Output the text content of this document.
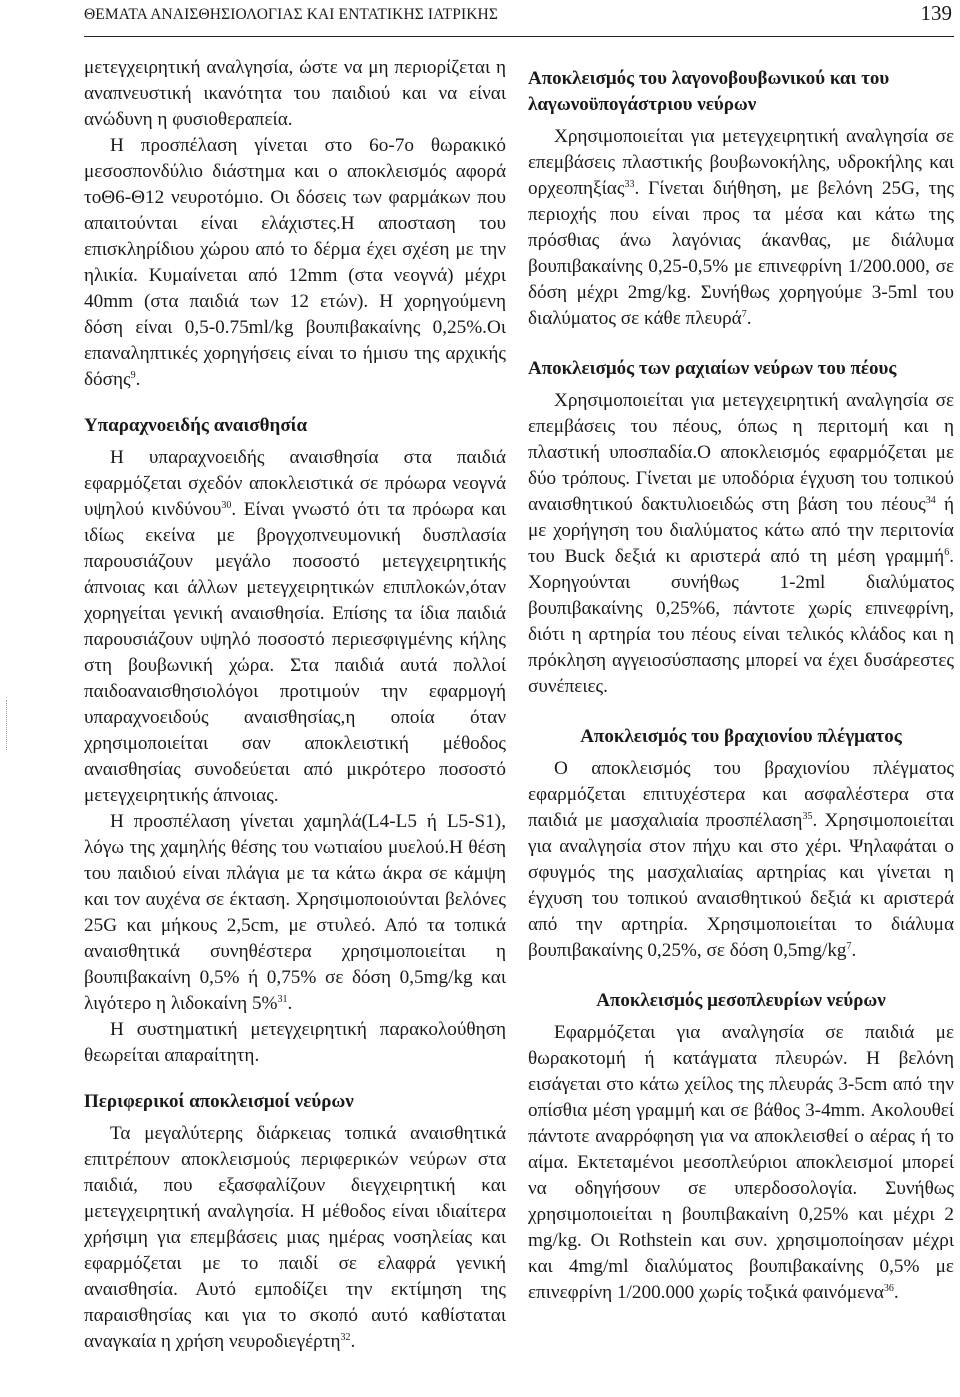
ΘΕΜΑΤΑ ΑΝΑΙΣΘΗΣΙΟΛΟΓΙΑΣ ΚΑΙ ΕΝΤΑΤΙΚΗΣ ΙΑΤΡΙΚΗΣ	139

μετεγχειρητική αναλγησία, ώστε να μη περιορίζεται η αναπνευστική ικανότητα του παιδιού και να είναι ανώδυνη η φυσιοθεραπεία.

Η προσπέλαση γίνεται στο 6ο-7ο θωρακικό μεσοσπονδύλιο διάστημα και ο αποκλεισμός αφορά τοΘ6-Θ12 νευροτόμιο. Οι δόσεις των φαρμάκων που απαιτούνται είναι ελάχιστες.Η αποσταση του επισκληρίδιου χώρου από το δέρμα έχει σχέση με την ηλικία. Κυμαίνεται από 12mm (στα νεογνά) μέχρι 40mm (στα παιδιά των 12 ετών). Η χορηγούμενη δόση είναι 0,5-0.75ml/kg βουπιβακαίνης 0,25%.Οι επαναληπτικές χορηγήσεις είναι το ήμισυ της αρχικής δόσης$^9$.

Υπαραχνοειδής αναισθησία

Η υπαραχνοειδής αναισθησία στα παιδιά εφαρμόζεται σχεδόν αποκλειστικά σε πρόωρα νεογνά υψηλού κινδύνου$^{30}$. Είναι γνωστό ότι τα πρόωρα και ιδίως εκείνα με βρογχοπνευμονική δυσπλασία παρουσιάζουν μεγάλο ποσοστό μετεγχειρητικής άπνοιας και άλλων μετεγχειρητικών επιπλοκών,όταν χορηγείται γενική αναισθησία. Επίσης τα ίδια παιδιά παρουσιάζουν υψηλό ποσοστό περιεσφιγμένης κήλης στη βουβωνική χώρα. Στα παιδιά αυτά πολλοί παιδοαναισθησιολόγοι προτιμούν την εφαρμογή υπαραχνοειδούς αναισθησίας,η οποία όταν χρησιμοποιείται σαν αποκλειστική μέθοδος αναισθησίας συνοδεύεται από μικρότερο ποσοστό μετεγχειρητικής άπνοιας.

Η προσπέλαση γίνεται χαμηλά(L4-L5 ή L5-S1), λόγω της χαμηλής θέσης του νωτιαίου μυελού.Η θέση του παιδιού είναι πλάγια με τα κάτω άκρα σε κάμψη και τον αυχένα σε έκταση. Χρησιμοποιούνται βελόνες 25G και μήκους 2,5cm, με στυλεό. Από τα τοπικά αναισθητικά συνηθέστερα χρησιμοποιείται η βουπιβακαίνη 0,5% ή 0,75% σε δόση 0,5mg/kg και λιγότερο η λιδοκαίνη 5%$^{31}$.

Η συστηματική μετεγχειρητική παρακολούθηση θεωρείται απαραίτητη.

Περιφερικοί αποκλεισμοί νεύρων

Τα μεγαλύτερης διάρκειας τοπικά αναισθητικά επιτρέπουν αποκλεισμούς περιφερικών νεύρων στα παιδιά, που εξασφαλίζουν διεγχειρητική και μετεγχειρητική αναλγησία. Η μέθοδος είναι ιδιαίτερα χρήσιμη για επεμβάσεις μιας ημέρας νοσηλείας και εφαρμόζεται με το παιδί σε ελαφρά γενική αναισθησία. Αυτό εμποδίζει την εκτίμηση της παραισθησίας και για το σκοπό αυτό καθίσταται αναγκαία η χρήση νευροδιεγέρτη$^{32}$.

Αποκλεισμός του λαγονοβουβωνικού και του λαγωνοϋπογάστριου νεύρων

Χρησιμοποιείται για μετεγχειρητική αναλγησία σε επεμβάσεις πλαστικής βουβωνοκήλης, υδροκήλης και ορχεοπηξίας$^{33}$. Γίνεται διήθηση, με βελόνη 25G, της περιοχής που είναι προς τα μέσα και κάτω της πρόσθιας άνω λαγόνιας άκανθας, με διάλυμα βουπιβακαίνης 0,25-0,5% με επινεφρίνη 1/200.000, σε δόση μέχρι 2mg/kg. Συνήθως χορηγούμε 3-5ml του διαλύματος σε κάθε πλευρά$^7$.

Αποκλεισμός των ραχιαίων νεύρων του πέους

Χρησιμοποιείται για μετεγχειρητική αναλγησία σε επεμβάσεις του πέους, όπως η περιτομή και η πλαστική υποσπαδία.Ο αποκλεισμός εφαρμόζεται με δύο τρόπους. Γίνεται με υποδόρια έγχυση του τοπικού αναισθητικού δακτυλιοειδώς στη βάση του πέους$^{34}$ ή με χορήγηση του διαλύματος κάτω από την περιτονία του Buck δεξιά κι αριστερά από τη μέση γραμμή$^6$. Χορηγούνται συνήθως 1-2ml διαλύματος βουπιβακαίνης 0,25%6, πάντοτε χωρίς επινεφρίνη, διότι η αρτηρία του πέους είναι τελικός κλάδος και η πρόκληση αγγειοσύσπασης μπορεί να έχει δυσάρεστες συνέπειες.

Αποκλεισμός του βραχιονίου πλέγματος

Ο αποκλεισμός του βραχιονίου πλέγματος εφαρμόζεται επιτυχέστερα και ασφαλέστερα στα παιδιά με μασχαλιαία προσπέλαση$^{35}$. Χρησιμοποιείται για αναλγησία στον πήχυ και στο χέρι. Ψηλαφάται ο σφυγμός της μασχαλιαίας αρτηρίας και γίνεται η έγχυση του τοπικού αναισθητικού δεξιά κι αριστερά από την αρτηρία. Χρησιμοποιείται το διάλυμα βουπιβακαίνης 0,25%, σε δόση $0,5mg/kg^7$.

Αποκλεισμός μεσοπλευρίων νεύρων

Εφαρμόζεται για αναλγησία σε παιδιά με θωρακοτομή ή κατάγματα πλευρών. Η βελόνη εισάγεται στο κάτω χείλος της πλευράς 3-5cm από την οπίσθια μέση γραμμή και σε βάθος 3-4mm. Ακολουθεί πάντοτε αναρρόφηση για να αποκλεισθεί ο αέρας ή το αίμα. Εκτεταμένοι μεσοπλεύριοι αποκλεισμοί μπορεί να οδηγήσουν σε υπερδοσολογία. Συνήθως χρησιμοποιείται η βουπιβακαίνη 0,25% και μέχρι 2 mg/kg. Οι Rothstein και συν. χρησιμοποίησαν μέχρι και 4mg/ml διαλύματος βουπιβακαίνης 0,5% με επινεφρίνη 1/200.000 χωρίς τοξικά φαινόμενα$^{36}$.
